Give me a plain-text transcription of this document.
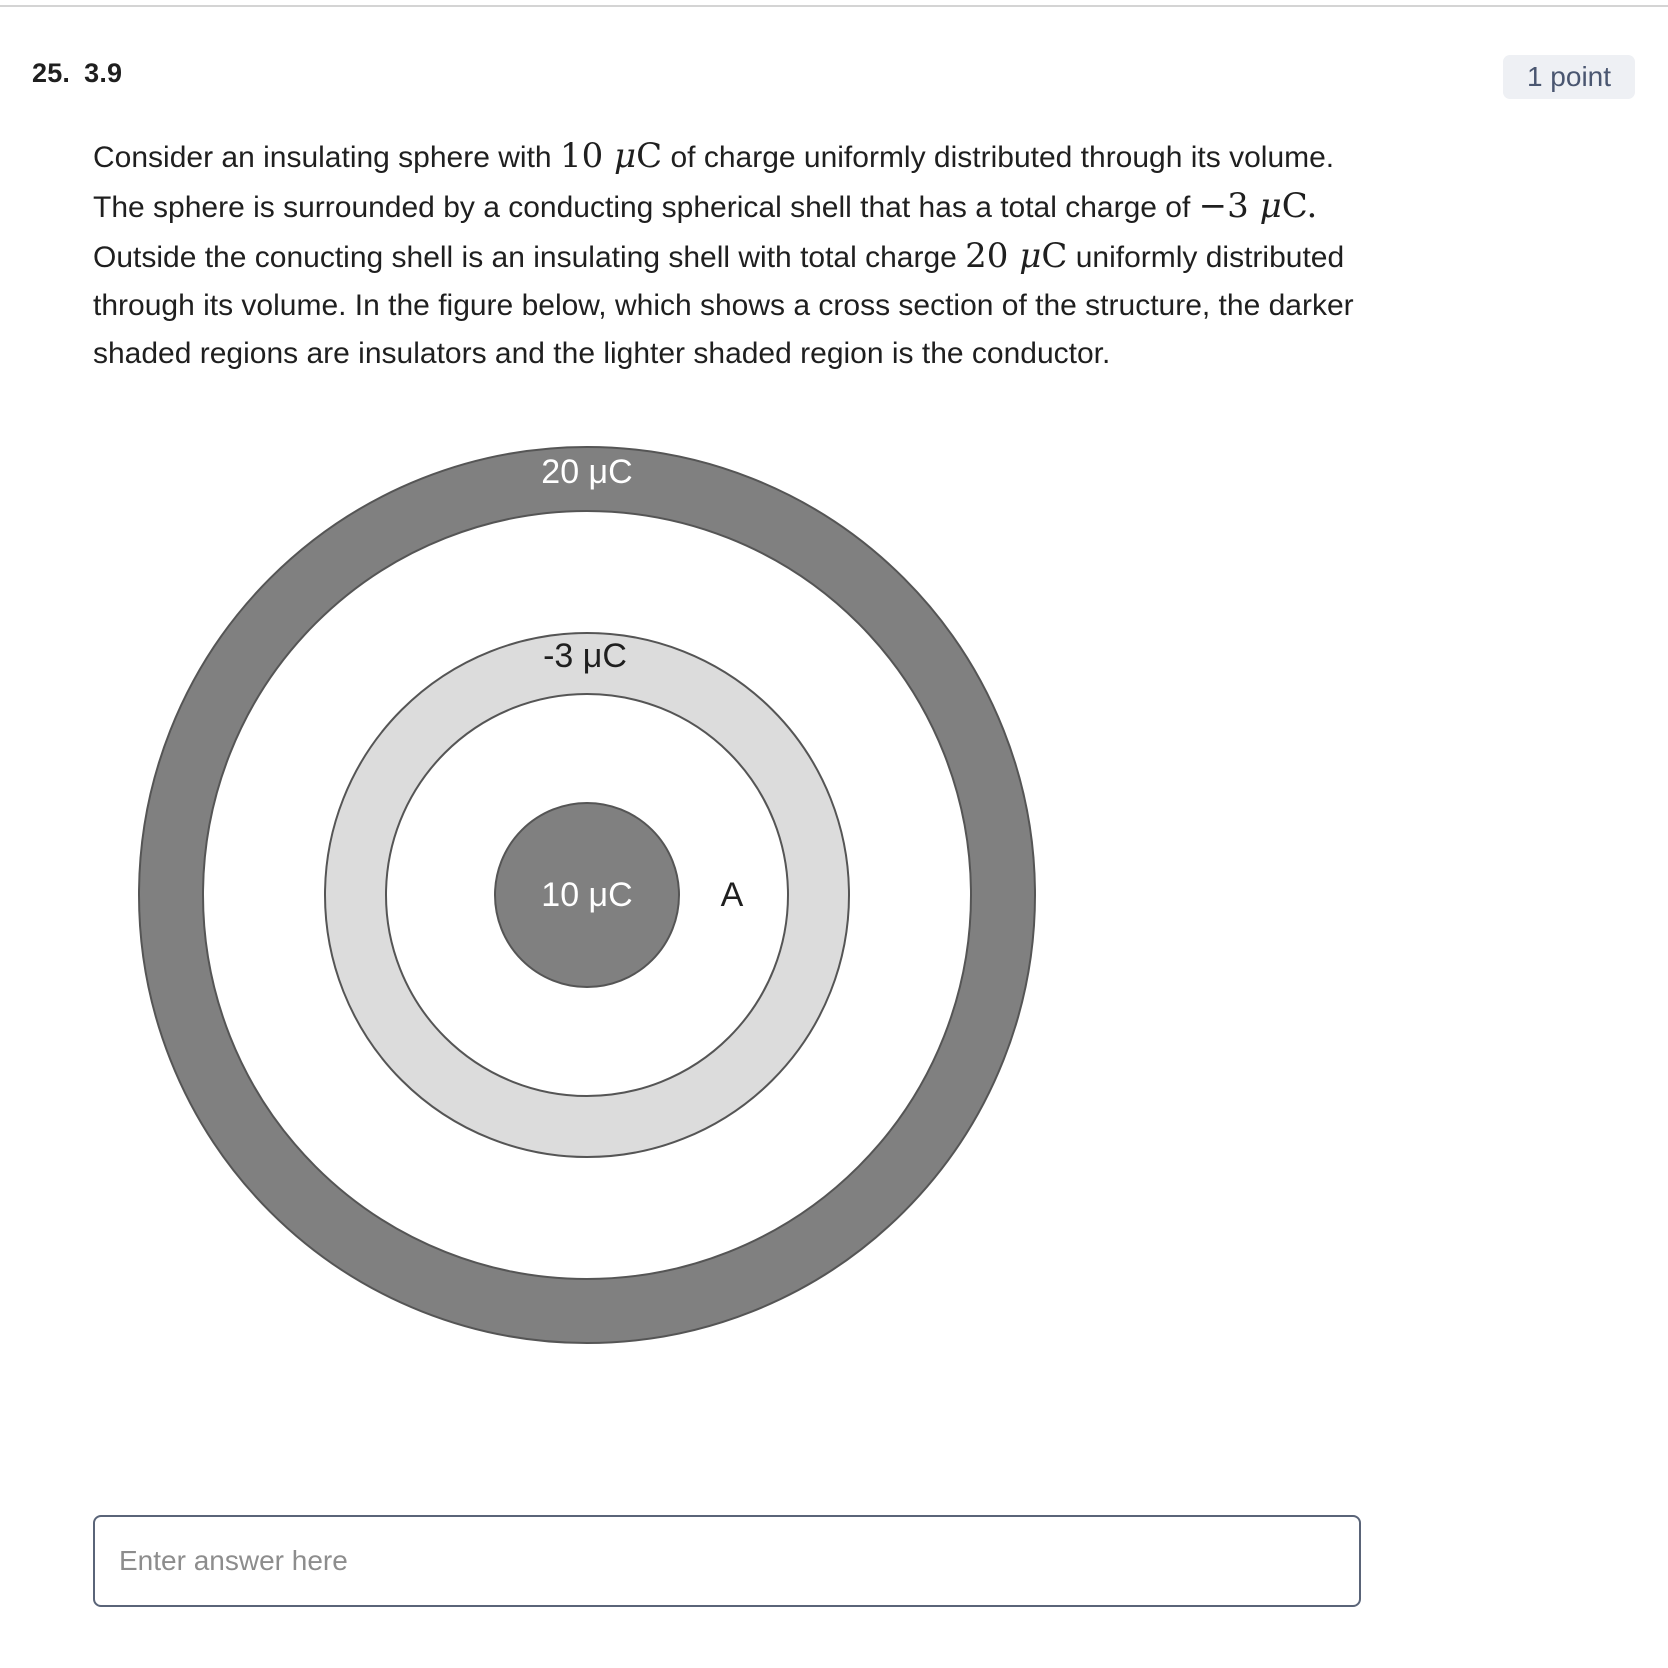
25. 3.9	1 point
Consider an insulating sphere with 10 μC of charge uniformly distributed through its volume.
The sphere is surrounded by a conducting spherical shell that has a total charge of −3 μC.
Outside the conucting shell is an insulating shell with total charge 20 μC uniformly distributed
through its volume. In the figure below, which shows a cross section of the structure, the darker
shaded regions are insulators and the lighter shaded region is the conductor.
20 μC
-3 μC
10 μC	A
Enter answer here
